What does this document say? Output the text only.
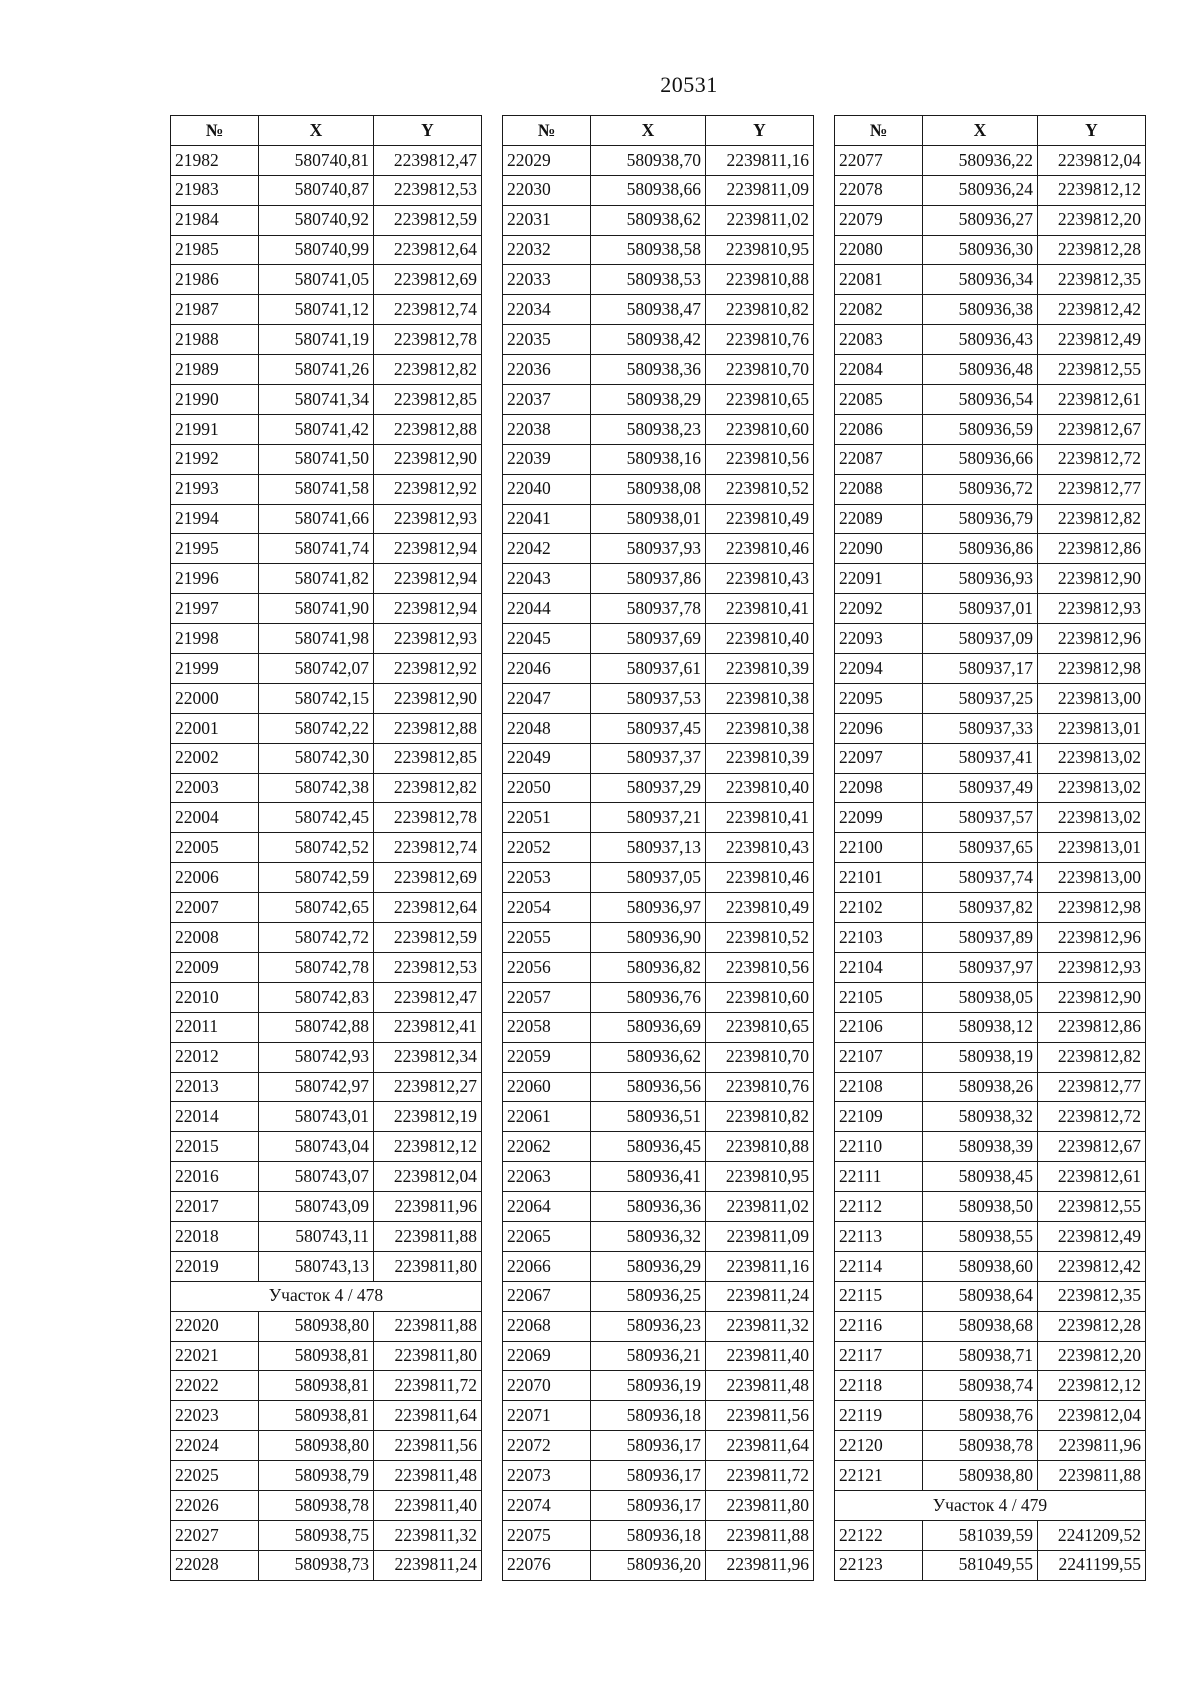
20531
№	X	Y
21982	580740,81	2239812,47
21983	580740,87	2239812,53
21984	580740,92	2239812,59
21985	580740,99	2239812,64
21986	580741,05	2239812,69
21987	580741,12	2239812,74
21988	580741,19	2239812,78
21989	580741,26	2239812,82
21990	580741,34	2239812,85
21991	580741,42	2239812,88
21992	580741,50	2239812,90
21993	580741,58	2239812,92
21994	580741,66	2239812,93
21995	580741,74	2239812,94
21996	580741,82	2239812,94
21997	580741,90	2239812,94
21998	580741,98	2239812,93
21999	580742,07	2239812,92
22000	580742,15	2239812,90
22001	580742,22	2239812,88
22002	580742,30	2239812,85
22003	580742,38	2239812,82
22004	580742,45	2239812,78
22005	580742,52	2239812,74
22006	580742,59	2239812,69
22007	580742,65	2239812,64
22008	580742,72	2239812,59
22009	580742,78	2239812,53
22010	580742,83	2239812,47
22011	580742,88	2239812,41
22012	580742,93	2239812,34
22013	580742,97	2239812,27
22014	580743,01	2239812,19
22015	580743,04	2239812,12
22016	580743,07	2239812,04
22017	580743,09	2239811,96
22018	580743,11	2239811,88
22019	580743,13	2239811,80
Участок 4 / 478		
22020	580938,80	2239811,88
22021	580938,81	2239811,80
22022	580938,81	2239811,72
22023	580938,81	2239811,64
22024	580938,80	2239811,56
22025	580938,79	2239811,48
22026	580938,78	2239811,40
22027	580938,75	2239811,32
22028	580938,73	2239811,24
№	X	Y
22029	580938,70	2239811,16
22030	580938,66	2239811,09
22031	580938,62	2239811,02
22032	580938,58	2239810,95
22033	580938,53	2239810,88
22034	580938,47	2239810,82
22035	580938,42	2239810,76
22036	580938,36	2239810,70
22037	580938,29	2239810,65
22038	580938,23	2239810,60
22039	580938,16	2239810,56
22040	580938,08	2239810,52
22041	580938,01	2239810,49
22042	580937,93	2239810,46
22043	580937,86	2239810,43
22044	580937,78	2239810,41
22045	580937,69	2239810,40
22046	580937,61	2239810,39
22047	580937,53	2239810,38
22048	580937,45	2239810,38
22049	580937,37	2239810,39
22050	580937,29	2239810,40
22051	580937,21	2239810,41
22052	580937,13	2239810,43
22053	580937,05	2239810,46
22054	580936,97	2239810,49
22055	580936,90	2239810,52
22056	580936,82	2239810,56
22057	580936,76	2239810,60
22058	580936,69	2239810,65
22059	580936,62	2239810,70
22060	580936,56	2239810,76
22061	580936,51	2239810,82
22062	580936,45	2239810,88
22063	580936,41	2239810,95
22064	580936,36	2239811,02
22065	580936,32	2239811,09
22066	580936,29	2239811,16
22067	580936,25	2239811,24
22068	580936,23	2239811,32
22069	580936,21	2239811,40
22070	580936,19	2239811,48
22071	580936,18	2239811,56
22072	580936,17	2239811,64
22073	580936,17	2239811,72
22074	580936,17	2239811,80
22075	580936,18	2239811,88
22076	580936,20	2239811,96
№	X	Y
22077	580936,22	2239812,04
22078	580936,24	2239812,12
22079	580936,27	2239812,20
22080	580936,30	2239812,28
22081	580936,34	2239812,35
22082	580936,38	2239812,42
22083	580936,43	2239812,49
22084	580936,48	2239812,55
22085	580936,54	2239812,61
22086	580936,59	2239812,67
22087	580936,66	2239812,72
22088	580936,72	2239812,77
22089	580936,79	2239812,82
22090	580936,86	2239812,86
22091	580936,93	2239812,90
22092	580937,01	2239812,93
22093	580937,09	2239812,96
22094	580937,17	2239812,98
22095	580937,25	2239813,00
22096	580937,33	2239813,01
22097	580937,41	2239813,02
22098	580937,49	2239813,02
22099	580937,57	2239813,02
22100	580937,65	2239813,01
22101	580937,74	2239813,00
22102	580937,82	2239812,98
22103	580937,89	2239812,96
22104	580937,97	2239812,93
22105	580938,05	2239812,90
22106	580938,12	2239812,86
22107	580938,19	2239812,82
22108	580938,26	2239812,77
22109	580938,32	2239812,72
22110	580938,39	2239812,67
22111	580938,45	2239812,61
22112	580938,50	2239812,55
22113	580938,55	2239812,49
22114	580938,60	2239812,42
22115	580938,64	2239812,35
22116	580938,68	2239812,28
22117	580938,71	2239812,20
22118	580938,74	2239812,12
22119	580938,76	2239812,04
22120	580938,78	2239811,96
22121	580938,80	2239811,88
Участок 4 / 479		
22122	581039,59	2241209,52
22123	581049,55	2241199,55
